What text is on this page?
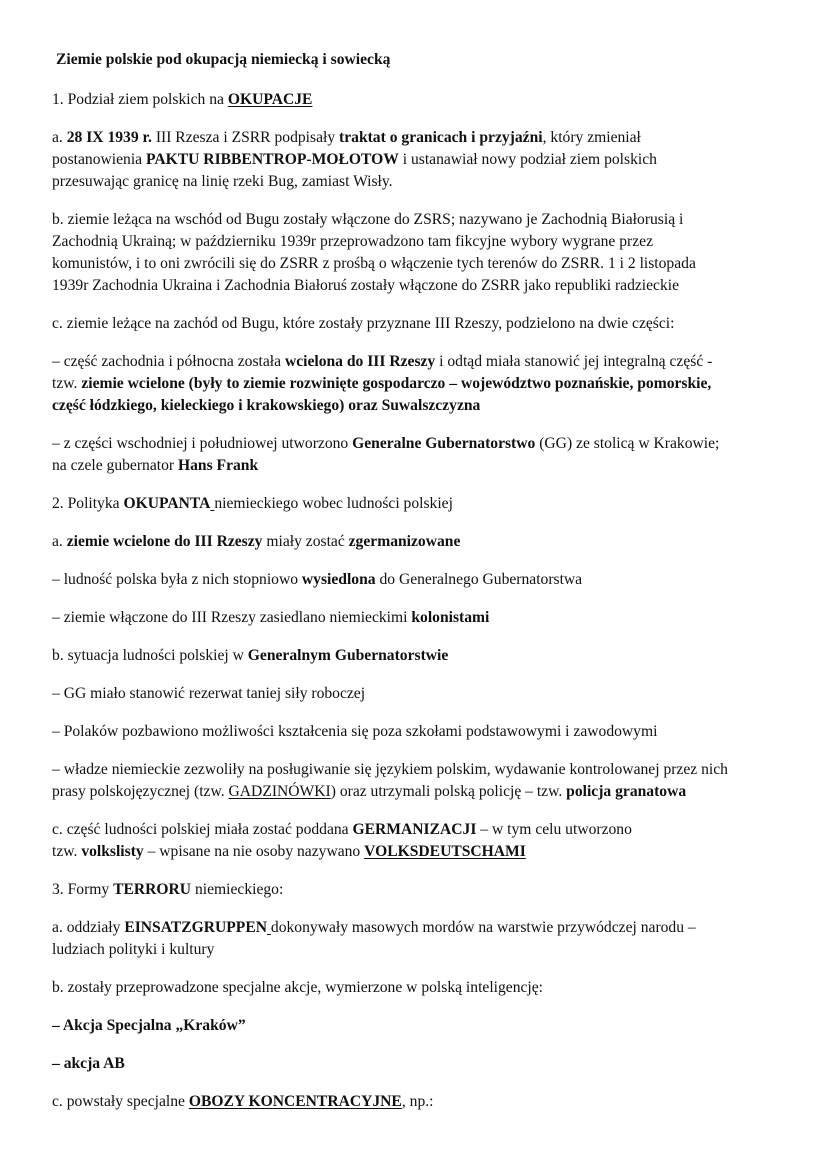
Ziemie polskie pod okupacją niemiecką i sowiecką

1. Podział ziem polskich na OKUPACJE

a. 28 IX 1939 r. III Rzesza i ZSRR podpisały traktat o granicach i przyjaźni, który zmieniał
postanowienia PAKTU RIBBENTROP-MOŁOTOW i ustanawiał nowy podział ziem polskich
przesuwając granicę na linię rzeki Bug, zamiast Wisły.

b. ziemie leżąca na wschód od Bugu zostały włączone do ZSRS; nazywano je Zachodnią Białorusią i
Zachodnią Ukrainą; w październiku 1939r przeprowadzono tam fikcyjne wybory wygrane przez
komunistów, i to oni zwrócili się do ZSRR z prośbą o włączenie tych terenów do ZSRR. 1 i 2 listopada
1939r Zachodnia Ukraina i Zachodnia Białoruś zostały włączone do ZSRR jako republiki radzieckie

c. ziemie leżące na zachód od Bugu, które zostały przyznane III Rzeszy, podzielono na dwie części:

– część zachodnia i północna została wcielona do III Rzeszy i odtąd miała stanowić jej integralną część -
tzw. ziemie wcielone (były to ziemie rozwinięte gospodarczo – województwo poznańskie, pomorskie,
część łódzkiego, kieleckiego i krakowskiego) oraz Suwalszczyzna

– z części wschodniej i południowej utworzono Generalne Gubernatorstwo (GG) ze stolicą w Krakowie;
na czele gubernator Hans Frank

2. Polityka OKUPANTA niemieckiego wobec ludności polskiej

a. ziemie wcielone do III Rzeszy miały zostać zgermanizowane

– ludność polska była z nich stopniowo wysiedlona do Generalnego Gubernatorstwa

– ziemie włączone do III Rzeszy zasiedlano niemieckimi kolonistami

b. sytuacja ludności polskiej w Generalnym Gubernatorstwie

– GG miało stanowić rezerwat taniej siły roboczej

– Polaków pozbawiono możliwości kształcenia się poza szkołami podstawowymi i zawodowymi

– władze niemieckie zezwoliły na posługiwanie się językiem polskim, wydawanie kontrolowanej przez nich
prasy polskojęzycznej (tzw. GADZINÓWKI) oraz utrzymali polską policję – tzw. policja granatowa

c. część ludności polskiej miała zostać poddana GERMANIZACJI – w tym celu utworzono
tzw. volkslisty – wpisane na nie osoby nazywano VOLKSDEUTSCHAMI

3. Formy TERRORU niemieckiego:

a. oddziały EINSATZGRUPPEN dokonywały masowych mordów na warstwie przywódczej narodu –
ludziach polityki i kultury

b. zostały przeprowadzone specjalne akcje, wymierzone w polską inteligencję:

– Akcja Specjalna „Kraków”

– akcja AB

c. powstały specjalne OBOZY KONCENTRACYJNE, np.:
